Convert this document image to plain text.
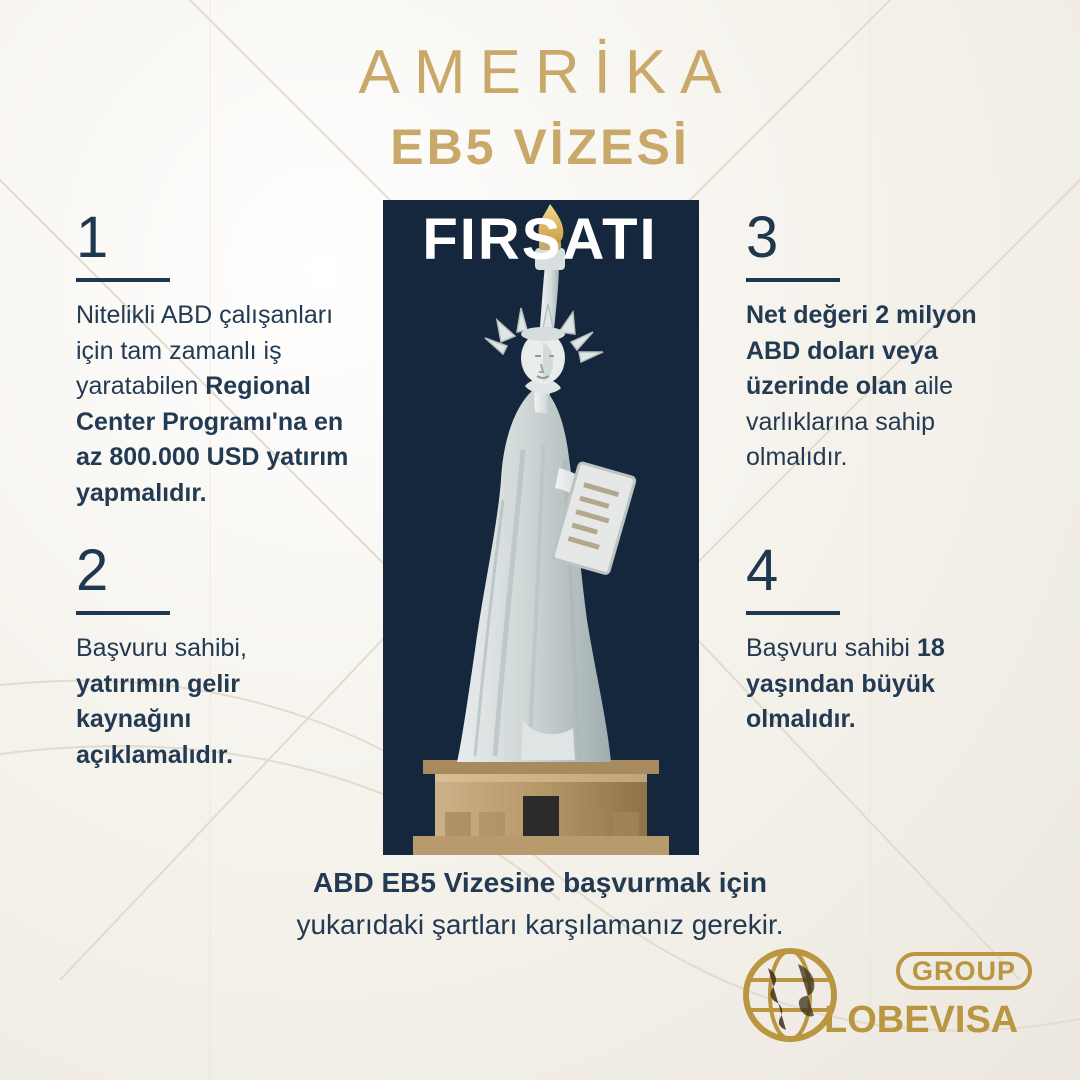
AMERİKA
EB5 VİZESİ
FIRSATI
1
Nitelikli ABD çalışanları için tam zamanlı iş yaratabilen Regional Center Programı'na en az 800.000 USD yatırım yapmalıdır.
2
Başvuru sahibi, yatırımın gelir kaynağını açıklamalıdır.
3
Net değeri 2 milyon ABD doları veya üzerinde olan aile varlıklarına sahip olmalıdır.
4
Başvuru sahibi 18 yaşından büyük olmalıdır.
ABD EB5 Vizesine başvurmak için
yukarıdaki şartları karşılamanız gerekir.
GROUP
LOBEVISA
